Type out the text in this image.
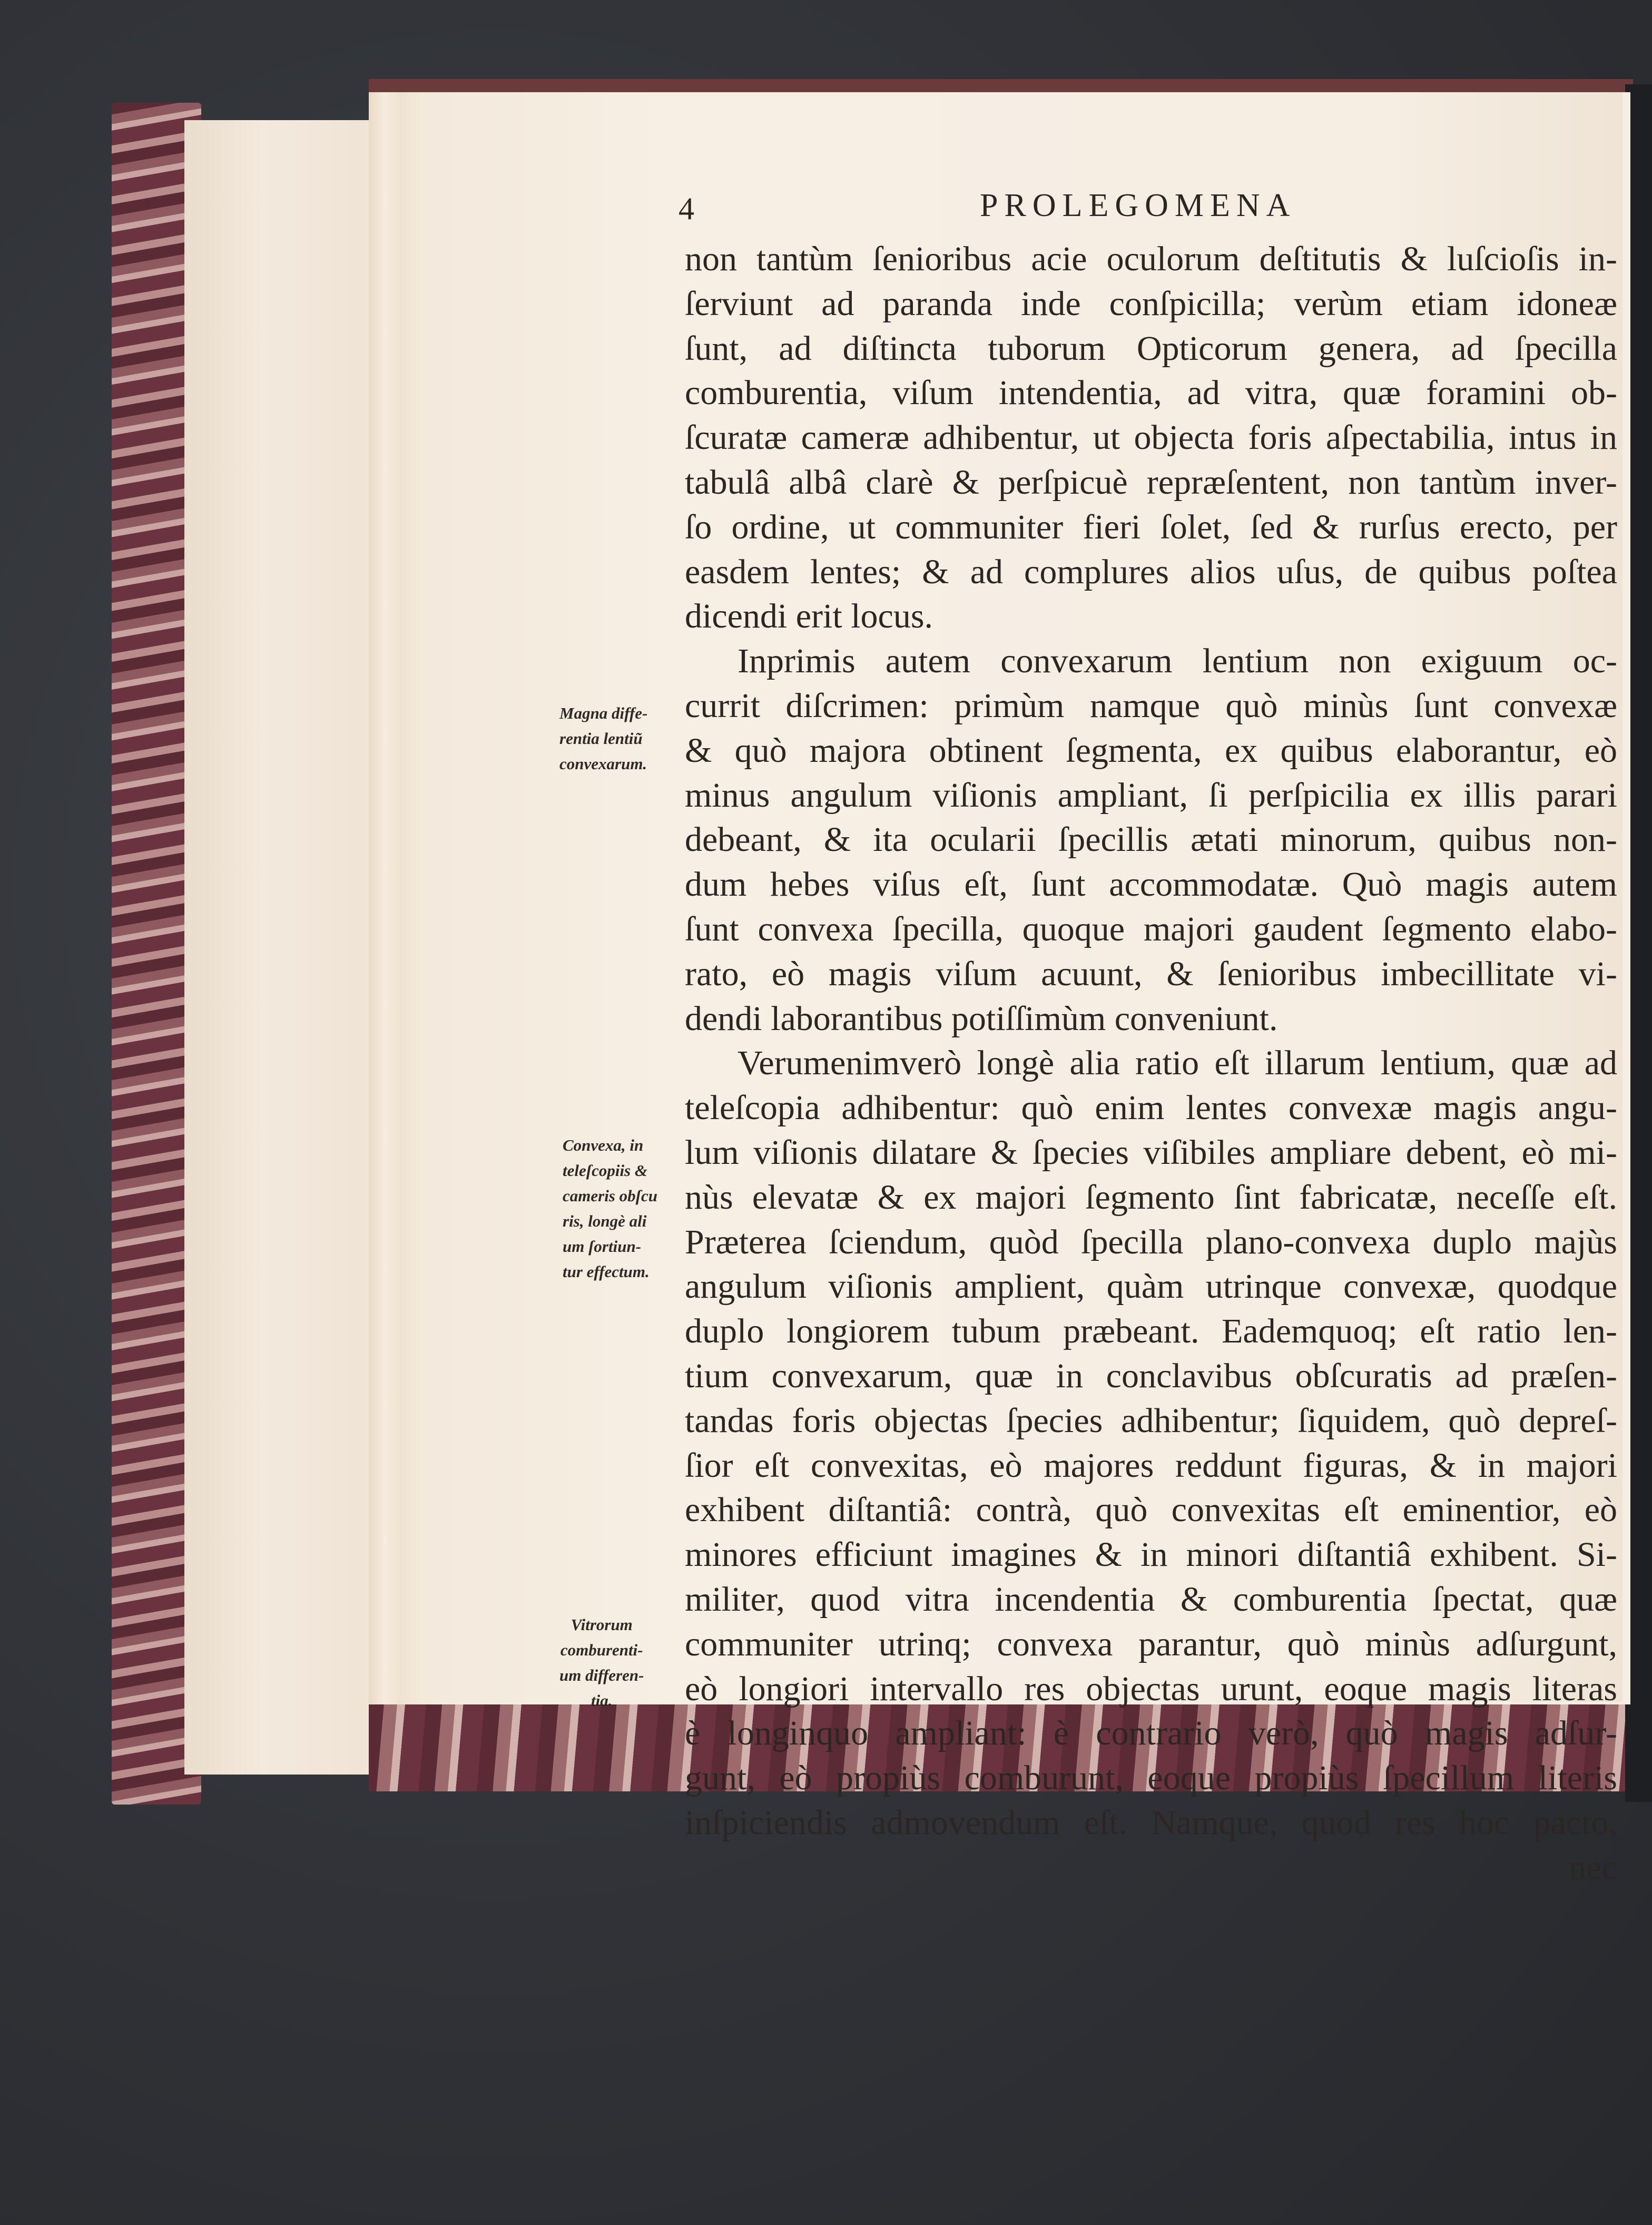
4	PROLEGOMENA
non tantùm ſenioribus acie oculorum deſtitutis & luſcioſis in-
ſerviunt ad paranda inde conſpicilla; verùm etiam idoneæ
ſunt, ad diſtincta tuborum Opticorum genera, ad ſpecilla
comburentia, viſum intendentia, ad vitra, quæ foramini ob-
ſcuratæ cameræ adhibentur, ut objecta foris aſpectabilia, intus in
tabulâ albâ clarè & perſpicuè repræſentent, non tantùm inver-
ſo ordine, ut communiter fieri ſolet, ſed & rurſus erecto, per
easdem lentes; & ad complures alios uſus, de quibus poſtea
dicendi erit locus.
Inprimis autem convexarum lentium non exiguum oc-
currit diſcrimen: primùm namque quò minùs ſunt convexæ
& quò majora obtinent ſegmenta, ex quibus elaborantur, eò
minus angulum viſionis ampliant, ſi perſpicilia ex illis parari
debeant, & ita ocularii ſpecillis ætati minorum, quibus non-
dum hebes viſus eſt, ſunt accommodatæ. Quò magis autem
ſunt convexa ſpecilla, quoque majori gaudent ſegmento elabo-
rato, eò magis viſum acuunt, & ſenioribus imbecillitate vi-
dendi laborantibus potiſſimùm conveniunt.
Verumenimverò longè alia ratio eſt illarum lentium, quæ ad
teleſcopia adhibentur: quò enim lentes convexæ magis angu-
lum viſionis dilatare & ſpecies viſibiles ampliare debent, eò mi-
nùs elevatæ & ex majori ſegmento ſint fabricatæ, neceſſe eſt.
Præterea ſciendum, quòd ſpecilla plano-convexa duplo majùs
angulum viſionis amplient, quàm utrinque convexæ, quodque
duplo longiorem tubum præbeant. Eademquoq; eſt ratio len-
tium convexarum, quæ in conclavibus obſcuratis ad præſen-
tandas foris objectas ſpecies adhibentur; ſiquidem, quò depreſ-
ſior eſt convexitas, eò majores reddunt figuras, & in majori
exhibent diſtantiâ: contrà, quò convexitas eſt eminentior, eò
minores efficiunt imagines & in minori diſtantiâ exhibent. Si-
militer, quod vitra incendentia & comburentia ſpectat, quæ
communiter utrinq; convexa parantur, quò minùs adſurgunt,
eò longiori intervallo res objectas urunt, eoque magis literas
è longinquo ampliant: è contrario verò, quò magis adſur-
gunt, eò propiùs comburunt, eoque propiùs ſpecillum literis
inſpiciendis admovendum eſt. Namque, quod res hoc pacto,
nec
Magna diffe-
rentia lentiũ
convexarum.
Convexa, in
teleſcopiis &
cameris obſcu
ris, longè ali
um ſortiun-
tur effectum.
Vitrorum
comburenti-
um differen-
tia.
